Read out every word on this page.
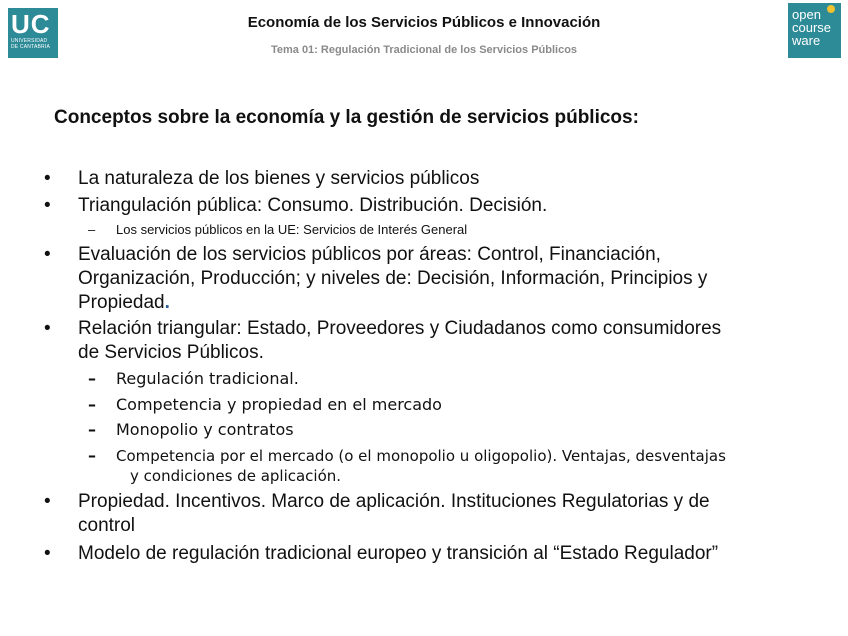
UC
UNIVERSIDAD
DE CANTABRIA
Economía de los Servicios Públicos e Innovación
Tema 01: Regulación Tradicional de los Servicios Públicos
open
course
ware
Conceptos sobre la economía y la gestión de servicios públicos:
• La naturaleza de los bienes y servicios públicos
• Triangulación pública: Consumo. Distribución. Decisión.
– Los servicios públicos en la UE: Servicios de Interés General
• Evaluación de los servicios públicos por áreas: Control, Financiación,
Organización, Producción; y niveles de: Decisión, Información, Principios y
Propiedad.
• Relación triangular: Estado, Proveedores y Ciudadanos como consumidores
de Servicios Públicos.
– Regulación tradicional.
– Competencia y propiedad en el mercado
– Monopolio y contratos
– Competencia por el mercado (o el monopolio u oligopolio). Ventajas, desventajas
y condiciones de aplicación.
• Propiedad. Incentivos. Marco de aplicación. Instituciones Regulatorias y de
control
• Modelo de regulación tradicional europeo y transición al “Estado Regulador”
